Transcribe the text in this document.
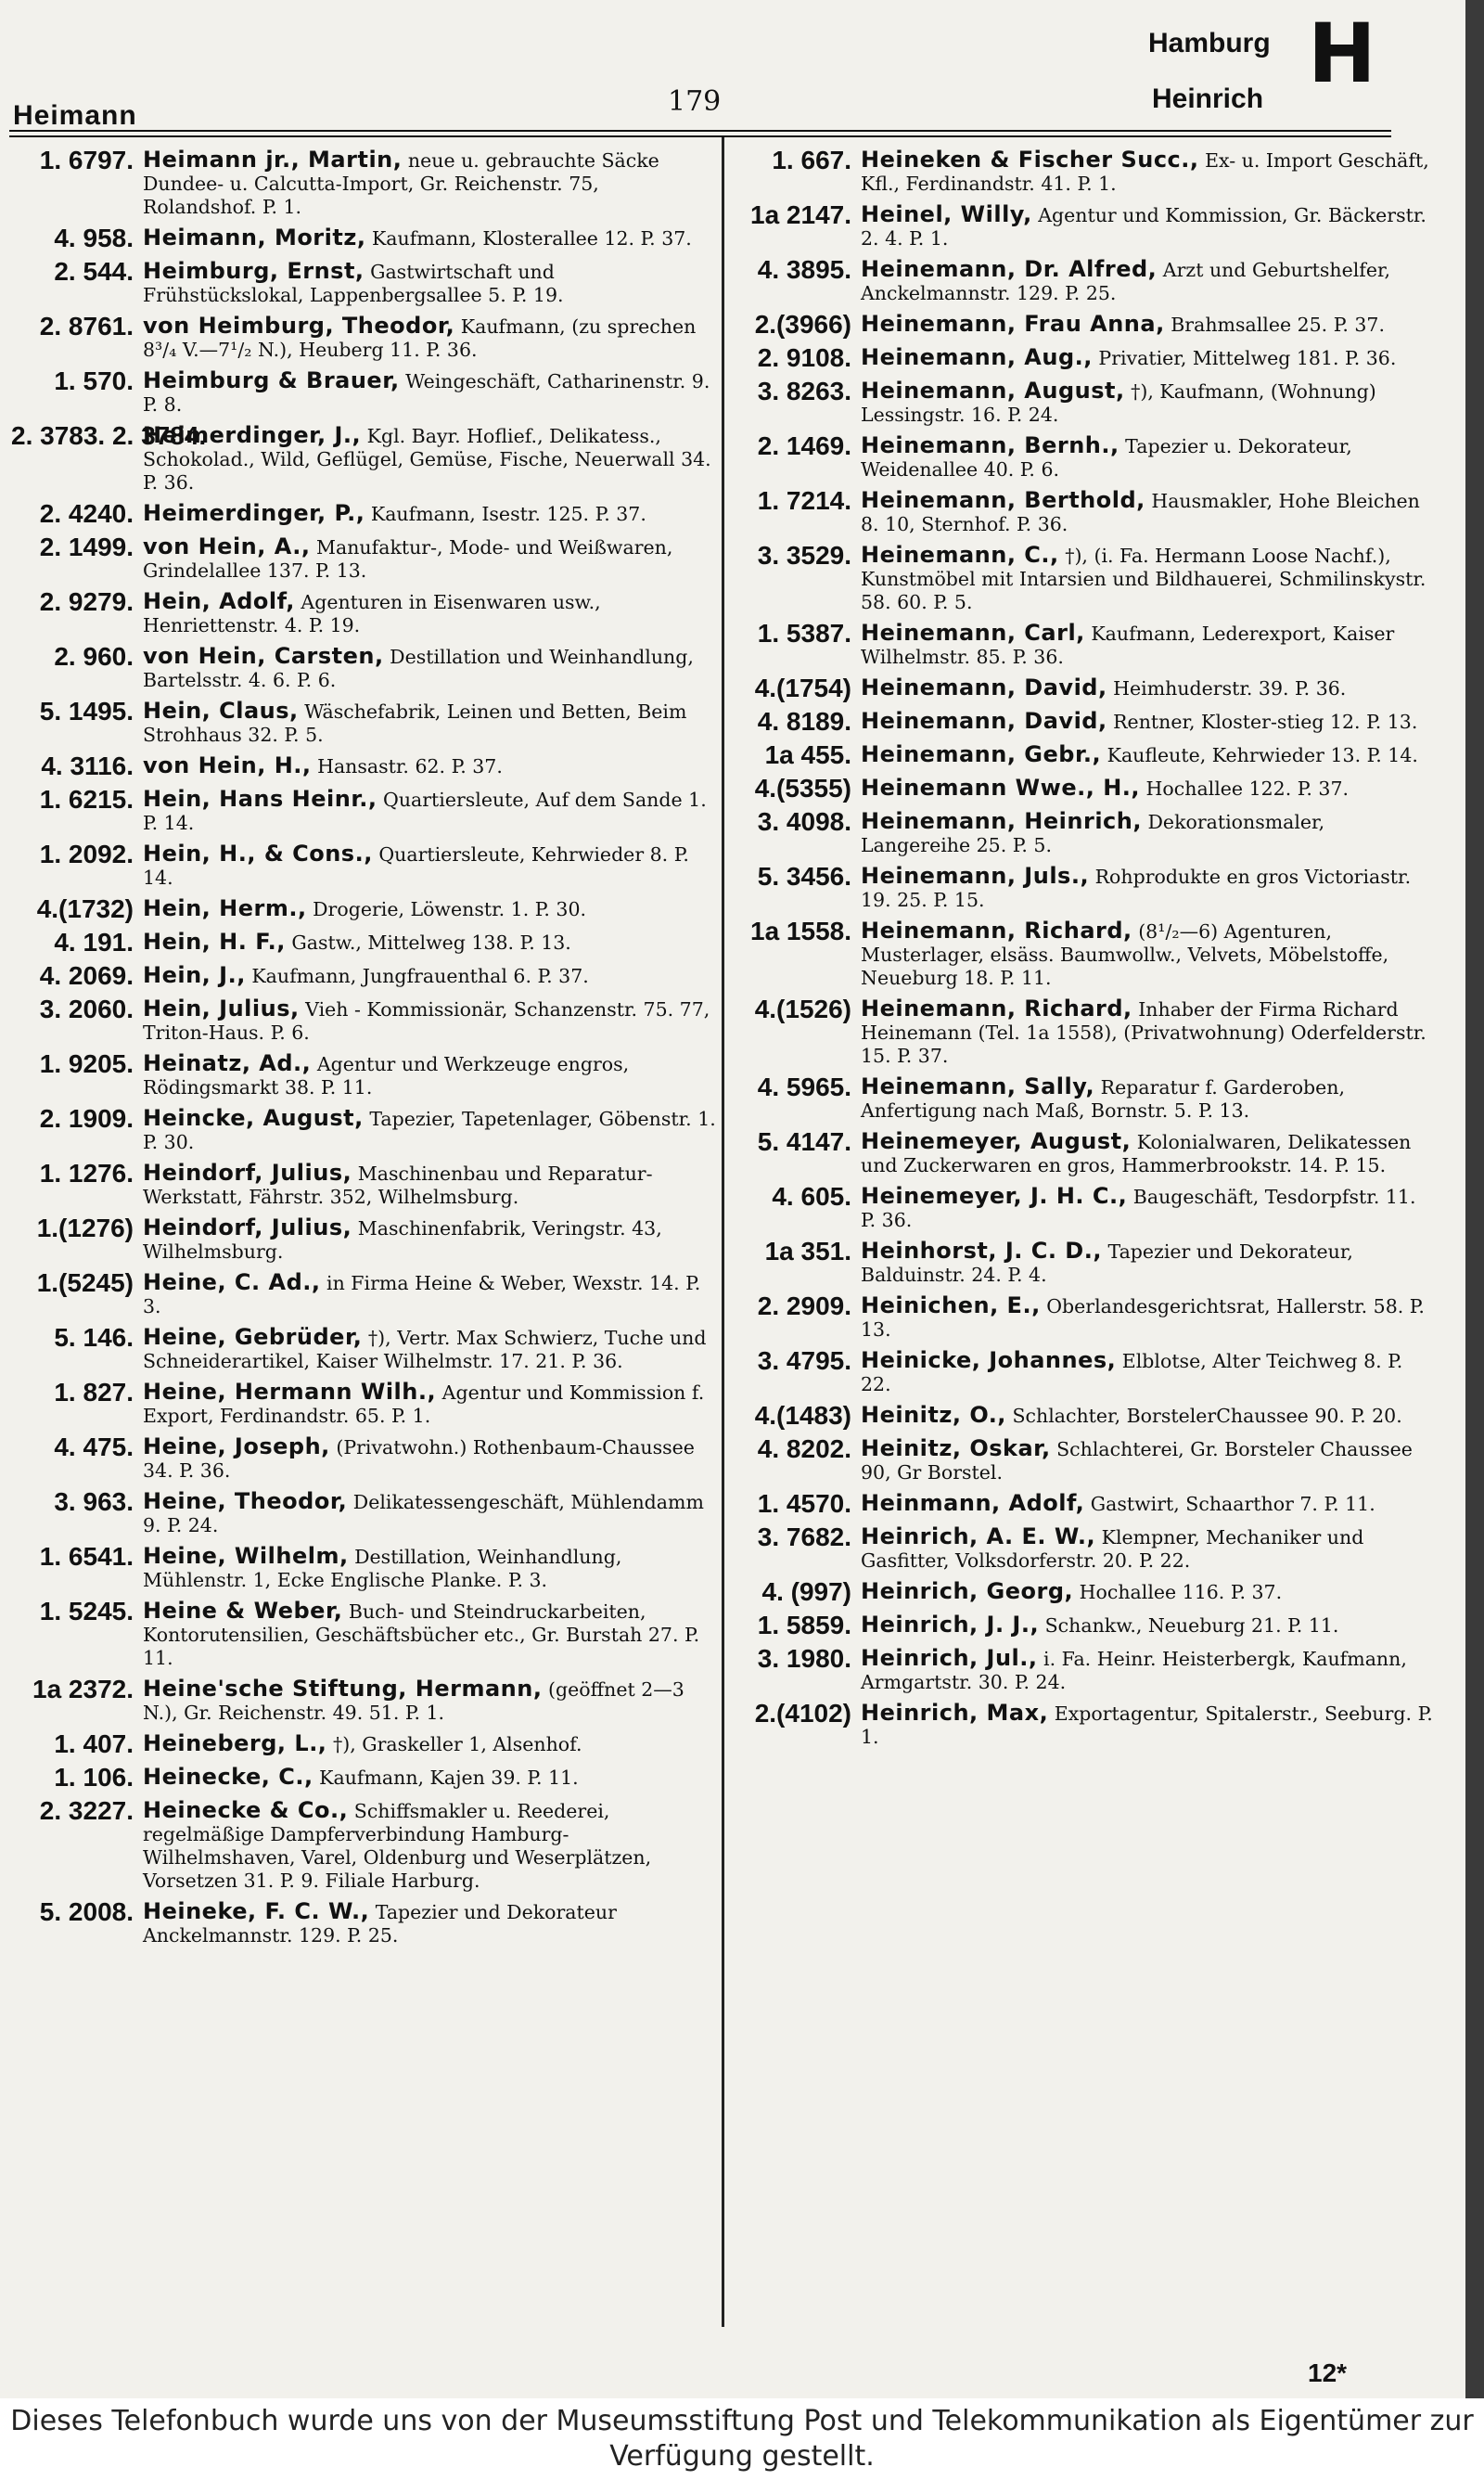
Heimann	179
Hamburg
Heinrich H
1. 6797. Heimann jr., Martin, neue u. gebrauchte Säcke Dundee- u. Calcutta-Import, Gr. Reichenstr. 75, Rolandshof. P. 1.
4. 958. Heimann, Moritz, Kaufmann, Klosterallee 12. P. 37.
2. 544. Heimburg, Ernst, Gastwirtschaft und Frühstückslokal, Lappenbergsallee 5. P. 19.
2. 8761. von Heimburg, Theodor, Kaufmann, (zu sprechen 8³/₄ V.—7¹/₂ N.), Heuberg 11. P. 36.
1. 570. Heimburg & Brauer, Weingeschäft, Catharinenstr. 9. P. 8.
2. 3783. 2. 3784.
Heimerdinger, J., Kgl. Bayr. Hoflief., Delikatess., Schokolad., Wild, Geflügel, Gemüse, Fische, Neuerwall 34. P. 36.
2. 4240. Heimerdinger, P., Kaufmann, Isestr. 125. P. 37.
2. 1499. von Hein, A., Manufaktur-, Mode- und Weißwaren, Grindelallee 137. P. 13.
2. 9279. Hein, Adolf, Agenturen in Eisenwaren usw., Henriettenstr. 4. P. 19.
2. 960. von Hein, Carsten, Destillation und Weinhandlung, Bartelsstr. 4. 6. P. 6.
5. 1495. Hein, Claus, Wäschefabrik, Leinen und Betten, Beim Strohhaus 32. P. 5.
4. 3116. von Hein, H., Hansastr. 62. P. 37.
1. 6215. Hein, Hans Heinr., Quartiersleute, Auf dem Sande 1. P. 14.
1. 2092. Hein, H., & Cons., Quartiersleute, Kehrwieder 8. P. 14.
4.(1732) Hein, Herm., Drogerie, Löwenstr. 1. P. 30.
4. 191. Hein, H. F., Gastw., Mittelweg 138. P. 13.
4. 2069. Hein, J., Kaufmann, Jungfrauenthal 6. P. 37.
3. 2060. Hein, Julius, Vieh - Kommissionär, Schanzenstr. 75. 77, Triton-Haus. P. 6.
1. 9205. Heinatz, Ad., Agentur und Werkzeuge engros, Rödingsmarkt 38. P. 11.
2. 1909. Heincke, August, Tapezier, Tapetenlager, Göbenstr. 1. P. 30.
1. 1276. Heindorf, Julius, Maschinenbau und Reparatur-Werkstatt, Fährstr. 352, Wilhelmsburg.
1.(1276) Heindorf, Julius, Maschinenfabrik, Veringstr. 43, Wilhelmsburg.
1.(5245) Heine, C. Ad., in Firma Heine & Weber, Wexstr. 14. P. 3.
5. 146. Heine, Gebrüder, †), Vertr. Max Schwierz, Tuche und Schneiderartikel, Kaiser Wilhelmstr. 17. 21. P. 36.
1. 827. Heine, Hermann Wilh., Agentur und Kommission f. Export, Ferdinandstr. 65. P. 1.
4. 475. Heine, Joseph, (Privatwohn.) Rothenbaum-Chaussee 34. P. 36.
3. 963. Heine, Theodor, Delikatessengeschäft, Mühlendamm 9. P. 24.
1. 6541. Heine, Wilhelm, Destillation, Weinhandlung, Mühlenstr. 1, Ecke Englische Planke. P. 3.
1. 5245. Heine & Weber, Buch- und Steindruckarbeiten, Kontorutensilien, Geschäftsbücher etc., Gr. Burstah 27. P. 11.
1a 2372. Heine'sche Stiftung, Hermann, (geöffnet 2—3 N.), Gr. Reichenstr. 49. 51. P. 1.
1. 407. Heineberg, L., †), Graskeller 1, Alsenhof.
1. 106. Heinecke, C., Kaufmann, Kajen 39. P. 11.
2. 3227. Heinecke & Co., Schiffsmakler u. Reederei, regelmäßige Dampferverbindung Hamburg-Wilhelmshaven, Varel, Oldenburg und Weserplätzen, Vorsetzen 31. P. 9. Filiale Harburg.
5. 2008. Heineke, F. C. W., Tapezier und Dekorateur Anckelmannstr. 129. P. 25.
1. 667. Heineken & Fischer Succ., Ex- u. Import Geschäft, Kfl., Ferdinandstr. 41. P. 1.
1a 2147. Heinel, Willy, Agentur und Kommission, Gr. Bäckerstr. 2. 4. P. 1.
4. 3895. Heinemann, Dr. Alfred, Arzt und Geburtshelfer, Anckelmannstr. 129. P. 25.
2.(3966) Heinemann, Frau Anna, Brahmsallee 25. P. 37.
2. 9108. Heinemann, Aug., Privatier, Mittelweg 181. P. 36.
3. 8263. Heinemann, August, †), Kaufmann, (Wohnung) Lessingstr. 16. P. 24.
2. 1469. Heinemann, Bernh., Tapezier u. Dekorateur, Weidenallee 40. P. 6.
1. 7214. Heinemann, Berthold, Hausmakler, Hohe Bleichen 8. 10, Sternhof. P. 36.
3. 3529. Heinemann, C., †), (i. Fa. Hermann Loose Nachf.), Kunstmöbel mit Intarsien und Bildhauerei, Schmilinskystr. 58. 60. P. 5.
1. 5387. Heinemann, Carl, Kaufmann, Lederexport, Kaiser Wilhelmstr. 85. P. 36.
4.(1754) Heinemann, David, Heimhuderstr. 39. P. 36.
4. 8189. Heinemann, David, Rentner, Kloster-stieg 12. P. 13.
1a 455. Heinemann, Gebr., Kaufleute, Kehrwieder 13. P. 14.
4.(5355) Heinemann Wwe., H., Hochallee 122. P. 37.
3. 4098. Heinemann, Heinrich, Dekorationsmaler, Langereihe 25. P. 5.
5. 3456. Heinemann, Juls., Rohprodukte en gros Victoriastr. 19. 25. P. 15.
1a 1558. Heinemann, Richard, (8¹/₂—6) Agenturen, Musterlager, elsäss. Baumwollw., Velvets, Möbelstoffe, Neueburg 18. P. 11.
4.(1526) Heinemann, Richard, Inhaber der Firma Richard Heinemann (Tel. 1a 1558), (Privatwohnung) Oderfelderstr. 15. P. 37.
4. 5965. Heinemann, Sally, Reparatur f. Garderoben, Anfertigung nach Maß, Bornstr. 5. P. 13.
5. 4147. Heinemeyer, August, Kolonialwaren, Delikatessen und Zuckerwaren en gros, Hammerbrookstr. 14. P. 15.
4. 605. Heinemeyer, J. H. C., Baugeschäft, Tesdorpfstr. 11. P. 36.
1a 351. Heinhorst, J. C. D., Tapezier und Dekorateur, Balduinstr. 24. P. 4.
2. 2909. Heinichen, E., Oberlandesgerichtsrat, Hallerstr. 58. P. 13.
3. 4795. Heinicke, Johannes, Elblotse, Alter Teichweg 8. P. 22.
4.(1483) Heinitz, O., Schlachter, BorstelerChaussee 90. P. 20.
4. 8202. Heinitz, Oskar, Schlachterei, Gr. Borsteler Chaussee 90, Gr Borstel.
1. 4570. Heinmann, Adolf, Gastwirt, Schaarthor 7. P. 11.
3. 7682. Heinrich, A. E. W., Klempner, Mechaniker und Gasfitter, Volksdorferstr. 20. P. 22.
4. (997) Heinrich, Georg, Hochallee 116. P. 37.
1. 5859. Heinrich, J. J., Schankw., Neueburg 21. P. 11.
3. 1980. Heinrich, Jul., i. Fa. Heinr. Heisterbergk, Kaufmann, Armgartstr. 30. P. 24.
2.(4102) Heinrich, Max, Exportagentur, Spitalerstr., Seeburg. P. 1.
12*
Dieses Telefonbuch wurde uns von der Museumsstiftung Post und Telekommunikation als Eigentümer zur Verfügung gestellt.
